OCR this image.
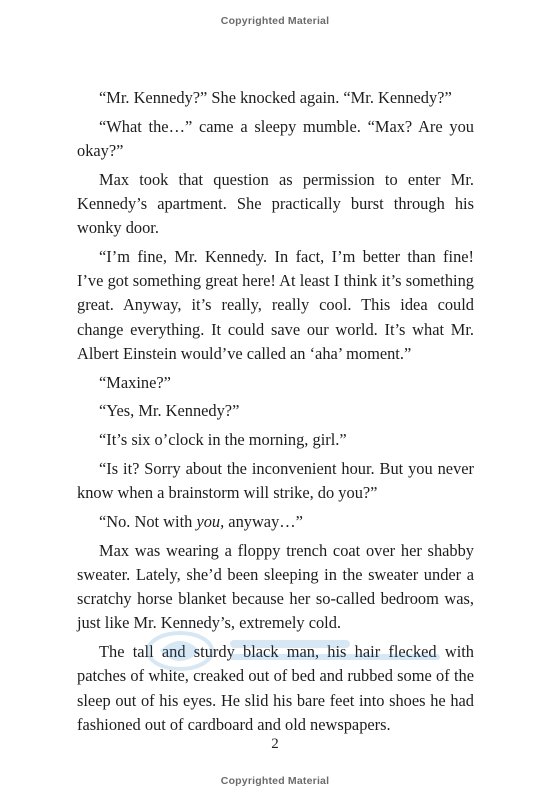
Copyrighted Material

“Mr. Kennedy?” She knocked again. “Mr. Kennedy?”

“What the…” came a sleepy mumble. “Max? Are you okay?”

Max took that question as permission to enter Mr. Kennedy’s apartment. She practically burst through his wonky door.

“I’m fine, Mr. Kennedy. In fact, I’m better than fine! I’ve got something great here! At least I think it’s something great. Anyway, it’s really, really cool. This idea could change everything. It could save our world. It’s what Mr. Albert Einstein would’ve called an ‘aha’ moment.”

“Maxine?”

“Yes, Mr. Kennedy?”

“It’s six o’clock in the morning, girl.”

“Is it? Sorry about the inconvenient hour. But you never know when a brainstorm will strike, do you?”

“No. Not with you, anyway…”

Max was wearing a floppy trench coat over her shabby sweater. Lately, she’d been sleeping in the sweater under a scratchy horse blanket because her so-called bedroom was, just like Mr. Kennedy’s, extremely cold.

The tall and sturdy black man, his hair flecked with patches of white, creaked out of bed and rubbed some of the sleep out of his eyes. He slid his bare feet into shoes he had fashioned out of cardboard and old newspapers.

2
Copyrighted Material
